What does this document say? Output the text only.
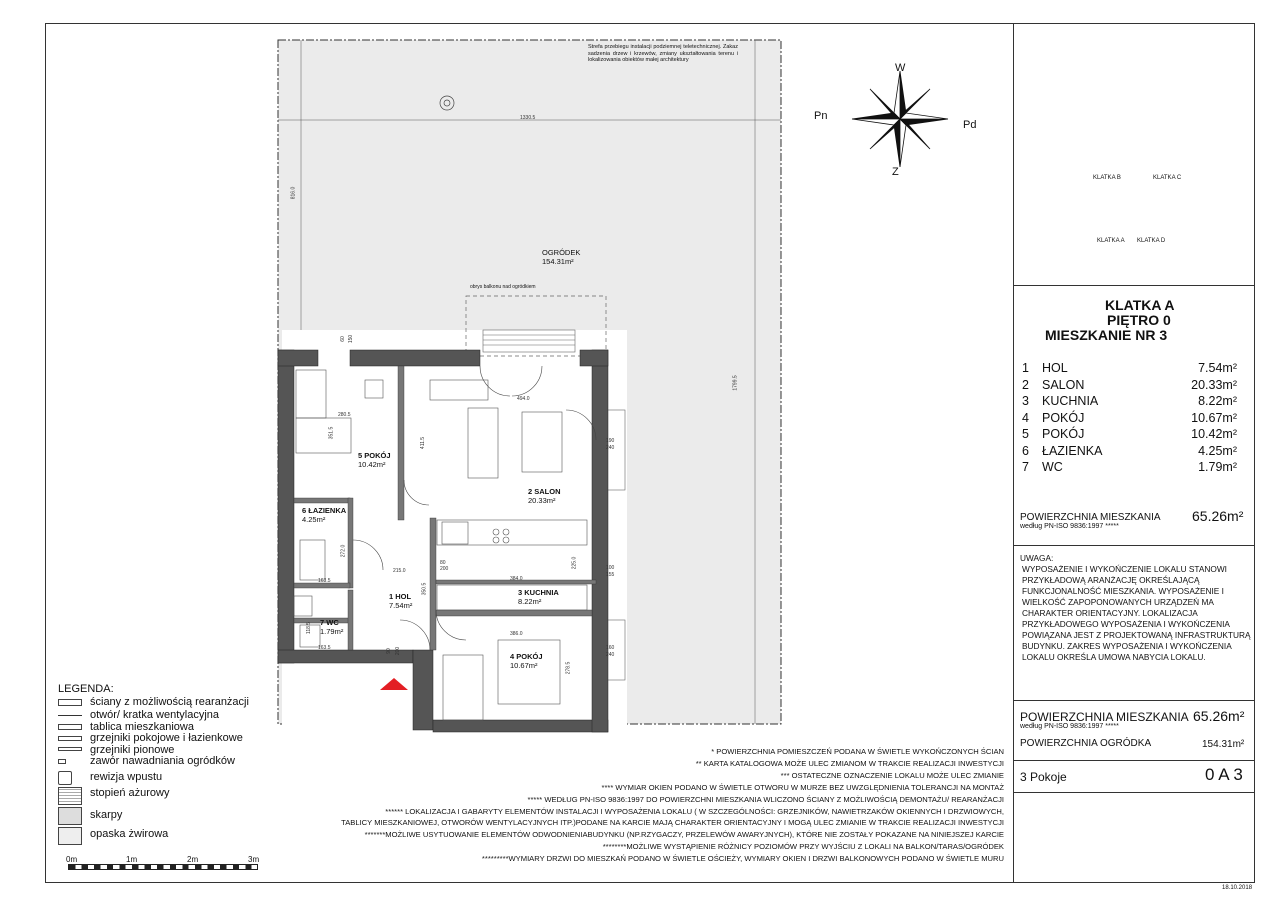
Strefa przebiegu instalacji podziemnej teletechnicznej. Zakaz sadzenia drzew i krzewów, zmiany ukształtowania terenu i lokalizowania obiektów małej architektury
OGRÓDEK
154.31m²
obrys balkonu nad ogródkiem
1330.5
816.0
1799.5
W
Pd
Z
Pn
KLATKA B	KLATKA C
KLATKA A KLATKA D
5 POKÓJ
10.42m²
2 SALON
20.33m²
6 ŁAZIENKA
4.25m²
1 HOL
7.54m²
3 KUCHNIA
8.22m²
7 WC
1.79m²
4 POKÓJ
10.67m²
280.5
351.5
494.0
411.5
215.0
163.5
272.0
384.0
350.5
386.0
163.5
118.5
225.0
278.5
190
240
100
155
160
240
80
200
90 200
60 150
KLATKA A
PIĘTRO 0
MIESZKANIE NR 3
1	HOL	7.54m²
2	SALON	20.33m²
3	KUCHNIA	8.22m²
4	POKÓJ	10.67m²
5	POKÓJ	10.42m²
6	ŁAZIENKA	4.25m²
7	WC	1.79m²
POWIERZCHNIA MIESZKANIA
według PN-ISO 9836:1997 *****
65.26m²
UWAGA:
WYPOSAŻENIE I WYKOŃCZENIE LOKALU STANOWI PRZYKŁADOWĄ ARANŻACJĘ OKREŚLAJĄCĄ FUNKCJONALNOŚĆ MIESZKANIA. WYPOSAŻENIE I WIELKOŚĆ ZAPOPONOWANYCH URZĄDZEŃ MA CHARAKTER ORIENTACYJNY. LOKALIZACJA PRZYKŁADOWEGO WYPOSAŻENIA I WYKOŃCZENIA POWIĄZANA JEST Z PROJEKTOWANĄ INFRASTRUKTURĄ BUDYNKU. ZAKRES WYPOSAŻENIA I WYKOŃCZENIA LOKALU OKREŚLA UMOWA NABYCIA LOKALU.
POWIERZCHNIA MIESZKANIA
według PN-ISO 9836:1997 *****
65.26m²
POWIERZCHNIA OGRÓDKA	154.31m²
3 Pokoje	0 A 3
* POWIERZCHNIA POMIESZCZEŃ PODANA W ŚWIETLE WYKOŃCZONYCH ŚCIAN
** KARTA KATALOGOWA MOŻE ULEC ZMIANOM W TRAKCIE REALIZACJI INWESTYCJI
*** OSTATECZNE OZNACZENIE LOKALU MOŻE ULEC ZMIANIE
**** WYMIAR OKIEN PODANO W ŚWIETLE OTWORU W MURZE BEZ UWZGLĘDNIENIA TOLERANCJI NA MONTAŻ
***** WEDŁUG PN-ISO 9836:1997 DO POWIERZCHNI MIESZKANIA WLICZONO ŚCIANY Z MOŻLIWOŚCIĄ DEMONTAŻU/ REARANŻACJI
****** LOKALIZACJA I GABARYTY ELEMENTÓW INSTALACJI I WYPOSAŻENIA LOKALU ( W SZCZEGÓLNOŚCI: GRZEJNIKÓW, NAWIETRZAKÓW OKIENNYCH I DRZWIOWYCH,
TABLICY MIESZKANIOWEJ, OTWORÓW WENTYLACYJNYCH ITP.)PODANE NA KARCIE MAJĄ CHARAKTER ORIENTACYJNY I MOGĄ ULEC ZMIANIE W TRAKCIE REALIZACJI INWESTYCJI
*******MOŻLIWE USYTUOWANIE ELEMENTÓW ODWODNIENIABUDYNKU (NP.RZYGACZY, PRZELEWÓW AWARYJNYCH), KTÓRE NIE ZOSTAŁY POKAZANE NA NINIEJSZEJ KARCIE
********MOŻLIWE WYSTĄPIENIE RÓŻNICY POZIOMÓW PRZY WYJŚCIU Z LOKALI NA BALKON/TARAS/OGRÓDEK
*********WYMIARY DRZWI DO MIESZKAŃ PODANO W ŚWIETLE OŚCIEŻY, WYMIARY OKIEN I DRZWI BALKONOWYCH PODANO W ŚWIETLE MURU
LEGENDA:
ściany z możliwością rearanżacji
otwór/ kratka wentylacyjna
tablica mieszkaniowa
grzejniki pokojowe i łazienkowe
grzejniki pionowe
zawór nawadniania ogródków
rewizja wpustu
stopień ażurowy
skarpy
opaska żwirowa
0m	1m	2m	3m
18.10.2018
